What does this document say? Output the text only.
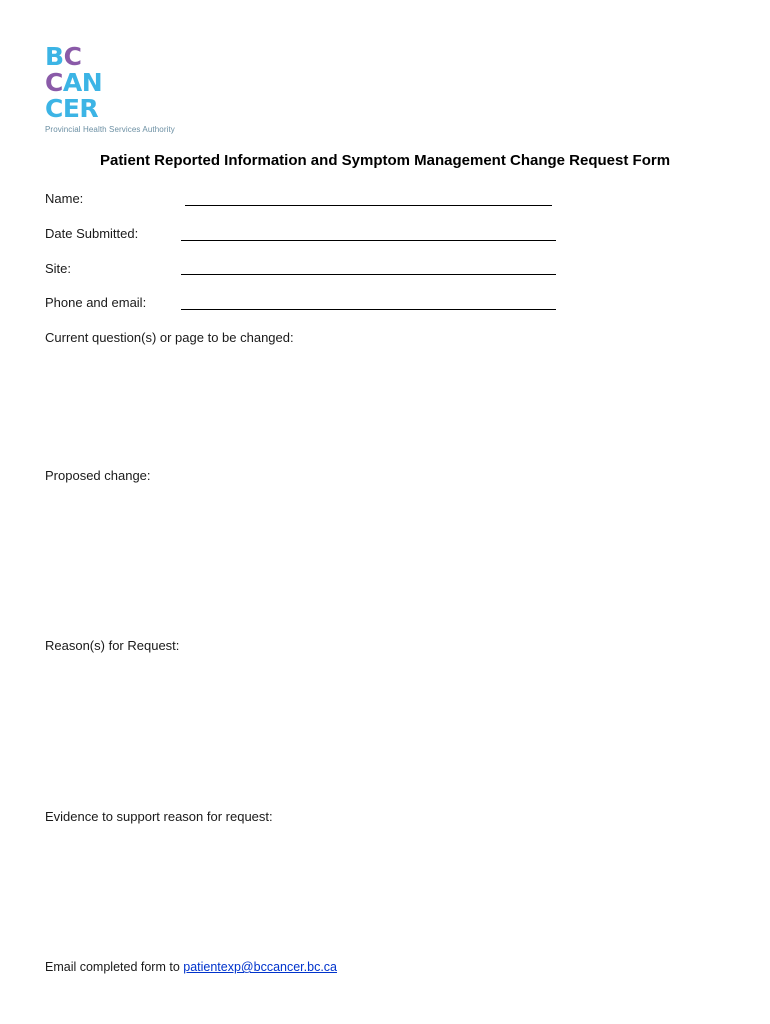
BC
CAN
CER
Provincial Health Services Authority
Patient Reported Information and Symptom Management Change Request Form
Name:
Date Submitted:
Site:
Phone and email:
Current question(s) or page to be changed:
Proposed change:
Reason(s) for Request:
Evidence to support reason for request:
Email completed form to patientexp@bccancer.bc.ca
